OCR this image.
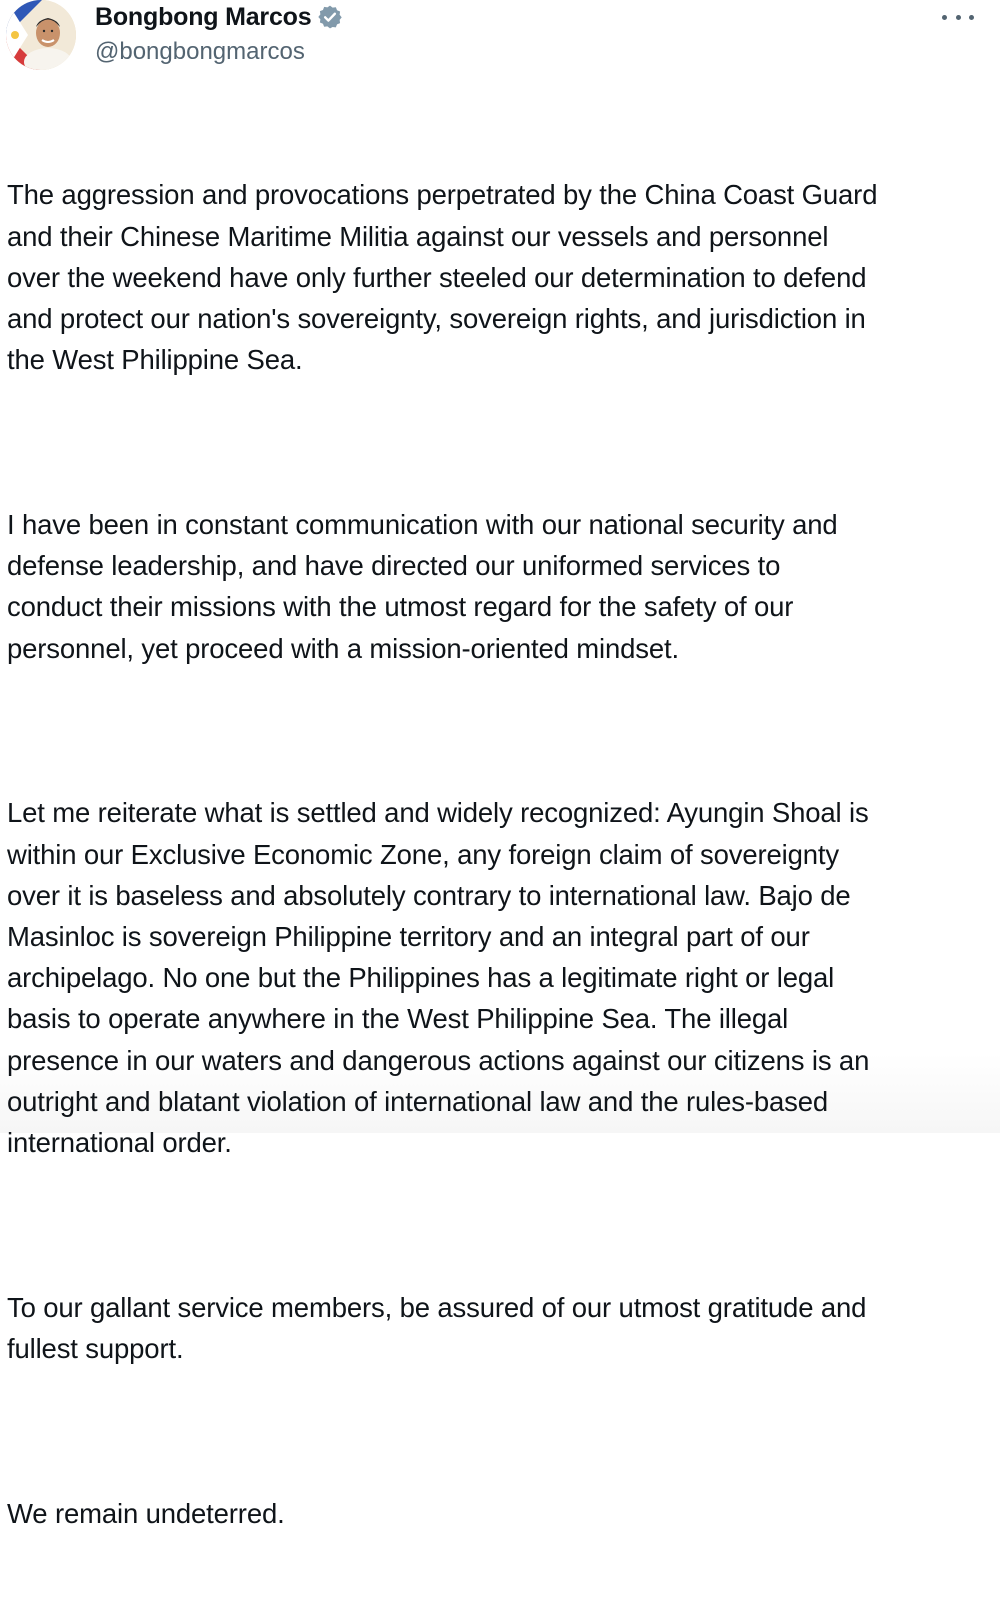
Bongbong Marcos
@bongbongmarcos

The aggression and provocations perpetrated by the China Coast Guard
and their Chinese Maritime Militia against our vessels and personnel
over the weekend have only further steeled our determination to defend
and protect our nation's sovereignty, sovereign rights, and jurisdiction in
the West Philippine Sea.

I have been in constant communication with our national security and
defense leadership, and have directed our uniformed services to
conduct their missions with the utmost regard for the safety of our
personnel, yet proceed with a mission-oriented mindset.

Let me reiterate what is settled and widely recognized: Ayungin Shoal is
within our Exclusive Economic Zone, any foreign claim of sovereignty
over it is baseless and absolutely contrary to international law. Bajo de
Masinloc is sovereign Philippine territory and an integral part of our
archipelago. No one but the Philippines has a legitimate right or legal
basis to operate anywhere in the West Philippine Sea. The illegal
presence in our waters and dangerous actions against our citizens is an
outright and blatant violation of international law and the rules-based
international order.

To our gallant service members, be assured of our utmost gratitude and
fullest support.

We remain undeterred.
